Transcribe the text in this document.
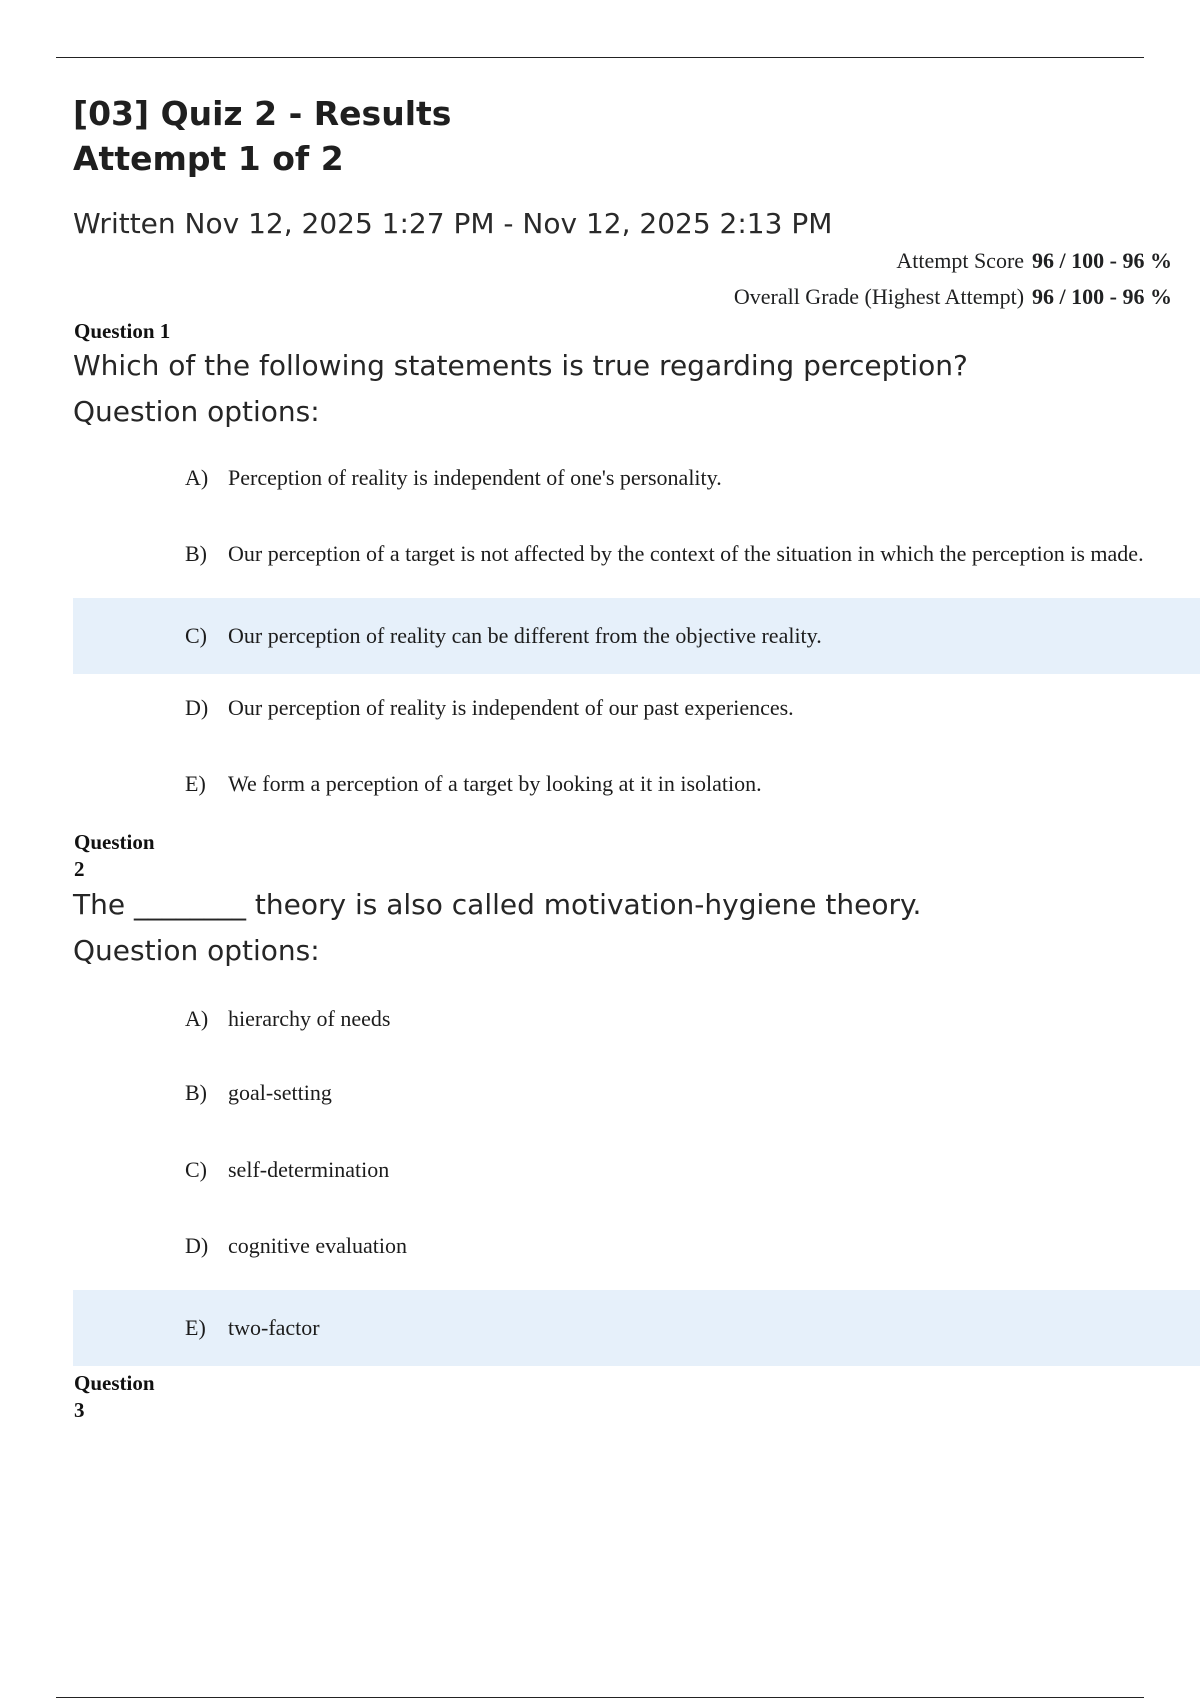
[03] Quiz 2 - Results
Attempt 1 of 2
Written Nov 12, 2025 1:27 PM - Nov 12, 2025 2:13 PM
Attempt Score 96 / 100 - 96 %
Overall Grade (Highest Attempt) 96 / 100 - 96 %
Question 1
Which of the following statements is true regarding perception?
Question options:
A) Perception of reality is independent of one's personality.
B) Our perception of a target is not affected by the context of the situation in which the perception is made.
C) Our perception of reality can be different from the objective reality.
D) Our perception of reality is independent of our past experiences.
E) We form a perception of a target by looking at it in isolation.
Question
2
The ________ theory is also called motivation-hygiene theory.
Question options:
A) hierarchy of needs
B) goal-setting
C) self-determination
D) cognitive evaluation
E) two-factor
Question
3
